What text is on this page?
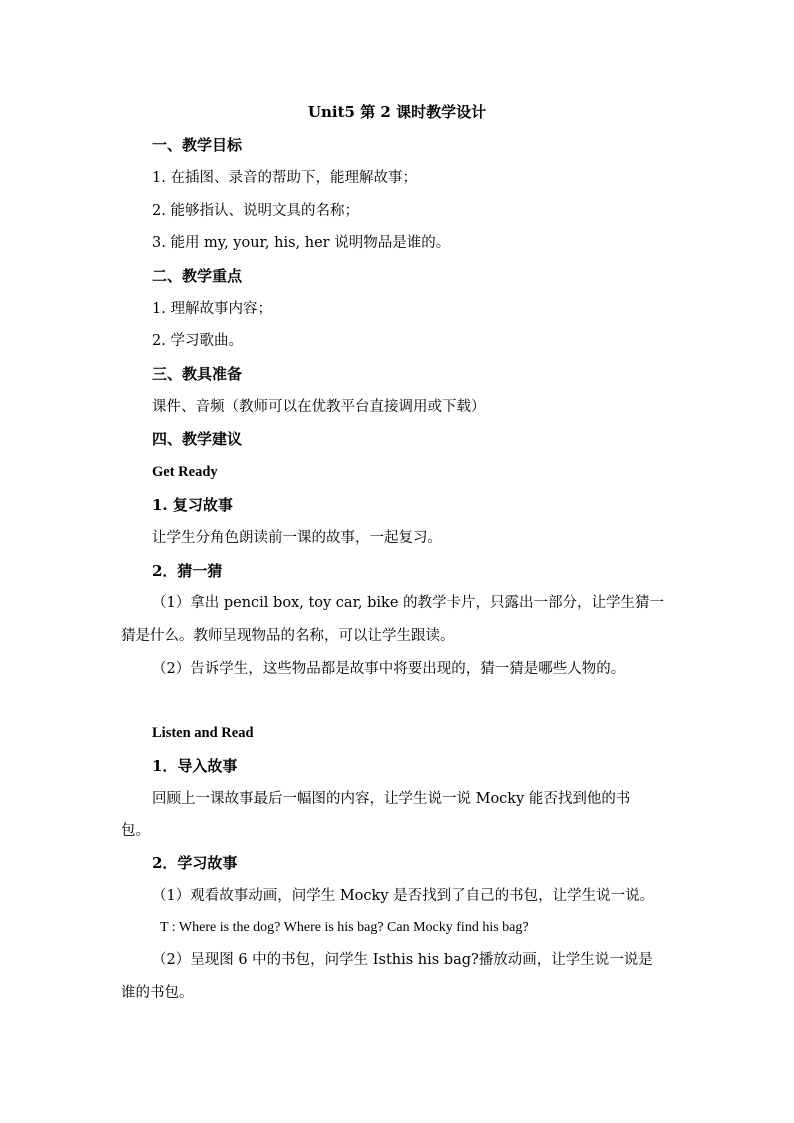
Unit5 第 2 课时教学设计
一、教学目标
1. 在插图、录音的帮助下，能理解故事；
2. 能够指认、说明文具的名称；
3. 能用 my, your, his, her 说明物品是谁的。
二、教学重点
1. 理解故事内容；
2. 学习歌曲。
三、教具准备
课件、音频（教师可以在优教平台直接调用或下载）
四、教学建议
Get Ready
1. 复习故事
让学生分角色朗读前一课的故事，一起复习。
2．猜一猜
（1）拿出 pencil box, toy car, bike 的教学卡片，只露出一部分，让学生猜一
猜是什么。教师呈现物品的名称，可以让学生跟读。
（2）告诉学生，这些物品都是故事中将要出现的，猜一猜是哪些人物的。
Listen and Read
1．导入故事
回顾上一课故事最后一幅图的内容，让学生说一说 Mocky 能否找到他的书
包。
2．学习故事
（1）观看故事动画，问学生 Mocky 是否找到了自己的书包，让学生说一说。
T : Where is the dog? Where is his bag? Can Mocky find his bag?
（2）呈现图 6 中的书包，问学生 Isthis his bag?播放动画，让学生说一说是
谁的书包。
